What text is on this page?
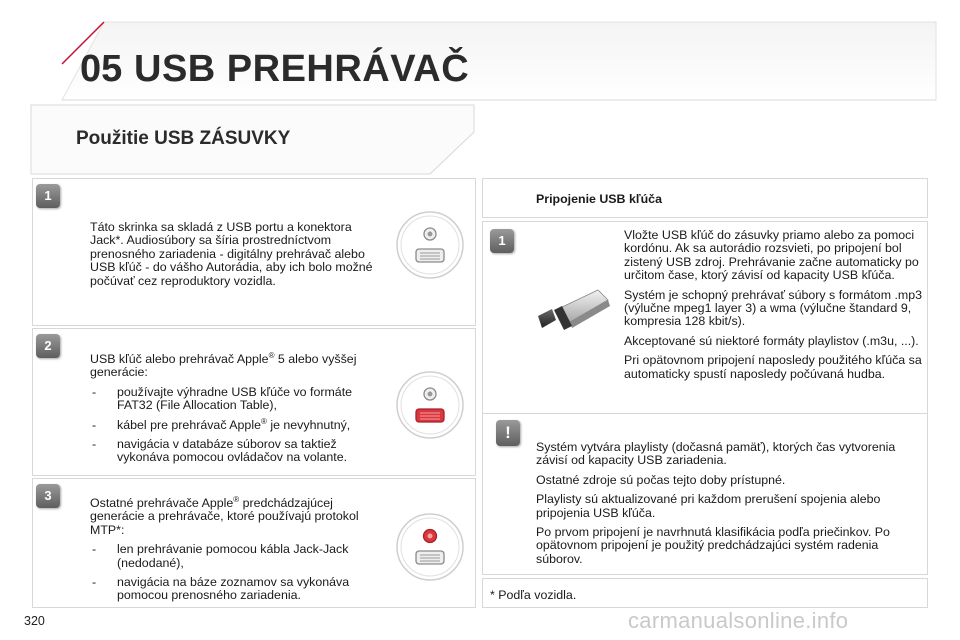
05 USB PREHRÁVAČ
Použitie USB ZÁSUVKY
1

Táto skrinka sa skladá z USB portu a konektora Jack*. Audiosúbory sa šíria prostredníctvom prenosného zariadenia - digitálny prehrávač alebo USB kľúč - do vášho Autorádia, aby ich bolo možné počúvať cez reproduktory vozidla.

2

USB kľúč alebo prehrávač Apple® 5 alebo vyššej generácie:

- používajte výhradne USB kľúče vo formáte FAT32 (File Allocation Table),
- kábel pre prehrávač Apple® je nevyhnutný,
- navigácia v databáze súborov sa taktiež vykonáva pomocou ovládačov na volante.
3	Ostatné prehrávače Apple® predchádzajúcej generácie a prehrávače, ktoré používajú protokol MTP*:

- len prehrávanie pomocou kábla Jack-Jack (nedodané),
- navigácia na báze zoznamov sa vykonáva pomocou prenosného zariadenia.
Pripojenie USB kľúča
1	Vložte USB kľúč do zásuvky priamo alebo za pomoci kordónu. Ak sa autorádio rozsvieti, po pripojení bol zistený USB zdroj. Prehrávanie začne automaticky po určitom čase, ktorý závisí od kapacity USB kľúča.

Systém je schopný prehrávať súbory s formátom .mp3 (výlučne mpeg1 layer 3) a wma (výlučne štandard 9, kompresia 128 kbit/s).

Akceptované sú niektoré formáty playlistov (.m3u, ...).

Pri opätovnom pripojení naposledy použitého kľúča sa automaticky spustí naposledy počúvaná hudba.

!

Systém vytvára playlisty (dočasná pamäť), ktorých čas vytvorenia závisí od kapacity USB zariadenia.

Ostatné zdroje sú počas tejto doby prístupné.

Playlisty sú aktualizované pri každom prerušení spojenia alebo pripojenia USB kľúča.

Po prvom pripojení je navrhnutá klasifikácia podľa priečinkov. Po opätovnom pripojení je použitý predchádzajúci systém radenia súborov.

* Podľa vozidla.
320	carmanualsonline.info
